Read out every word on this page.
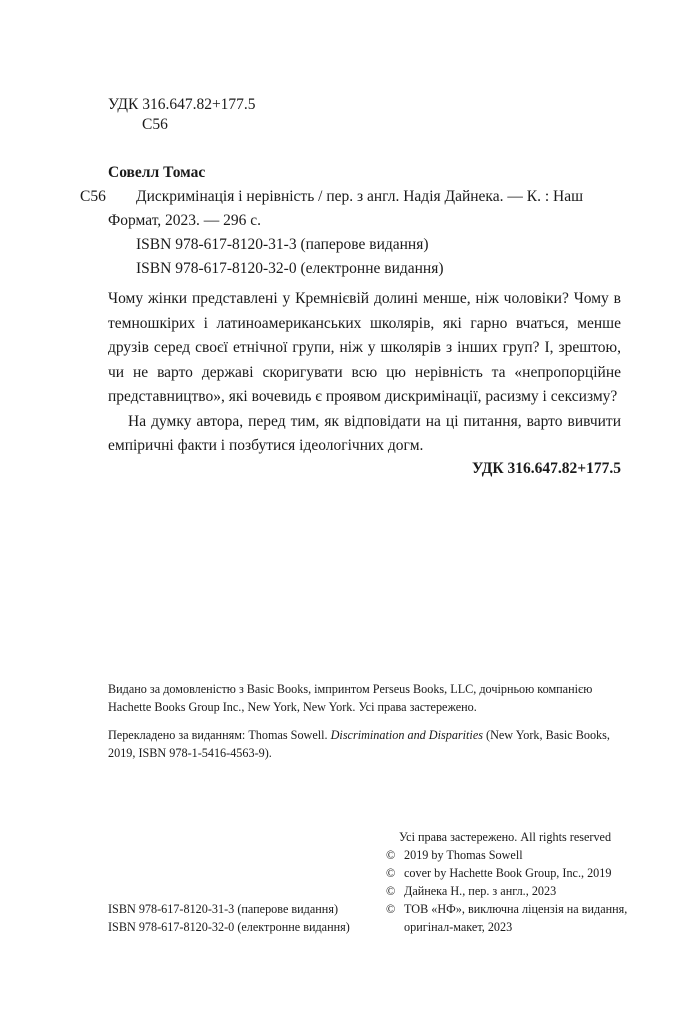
УДК 316.647.82+177.5
С56
Совелл Томас
С56 Дискримінація і нерівність / пер. з англ. Надія Дайнека. — К. : Наш
Формат, 2023. — 296 с.
ISBN 978-617-8120-31-3 (паперове видання)
ISBN 978-617-8120-32-0 (електронне видання)

Чому жінки представлені у Кремнієвій долині менше, ніж чоловіки? Чому в темношкірих і латиноамериканських школярів, які гарно вчаться, менше друзів серед своєї етнічної групи, ніж у школярів з інших груп? І, зрештою, чи не варто державі скоригувати всю цю нерівність та «непропорційне представництво», які вочевидь є проявом дискримінації, расизму і сексизму?

На думку автора, перед тим, як відповідати на ці питання, варто вивчити емпіричні факти і позбутися ідеологічних догм.

УДК 316.647.82+177.5

Видано за домовленістю з Basic Books, імпринтом Perseus Books, LLC, дочірньою компанією Hachette Books Group Inc., New York, New York. Усі права застережено.

Перекладено за виданням: Thomas Sowell. Discrimination and Disparities (New York, Basic Books, 2019, ISBN 978-1-5416-4563-9).

Усі права застережено. All rights reserved
© 2019 by Thomas Sowell
© cover by Hachette Book Group, Inc., 2019
© Дайнека Н., пер. з англ., 2023
© ТОВ «НФ», виключна ліцензія на видання,
оригінал-макет, 2023
ISBN 978-617-8120-31-3 (паперове видання)
ISBN 978-617-8120-32-0 (електронне видання)
